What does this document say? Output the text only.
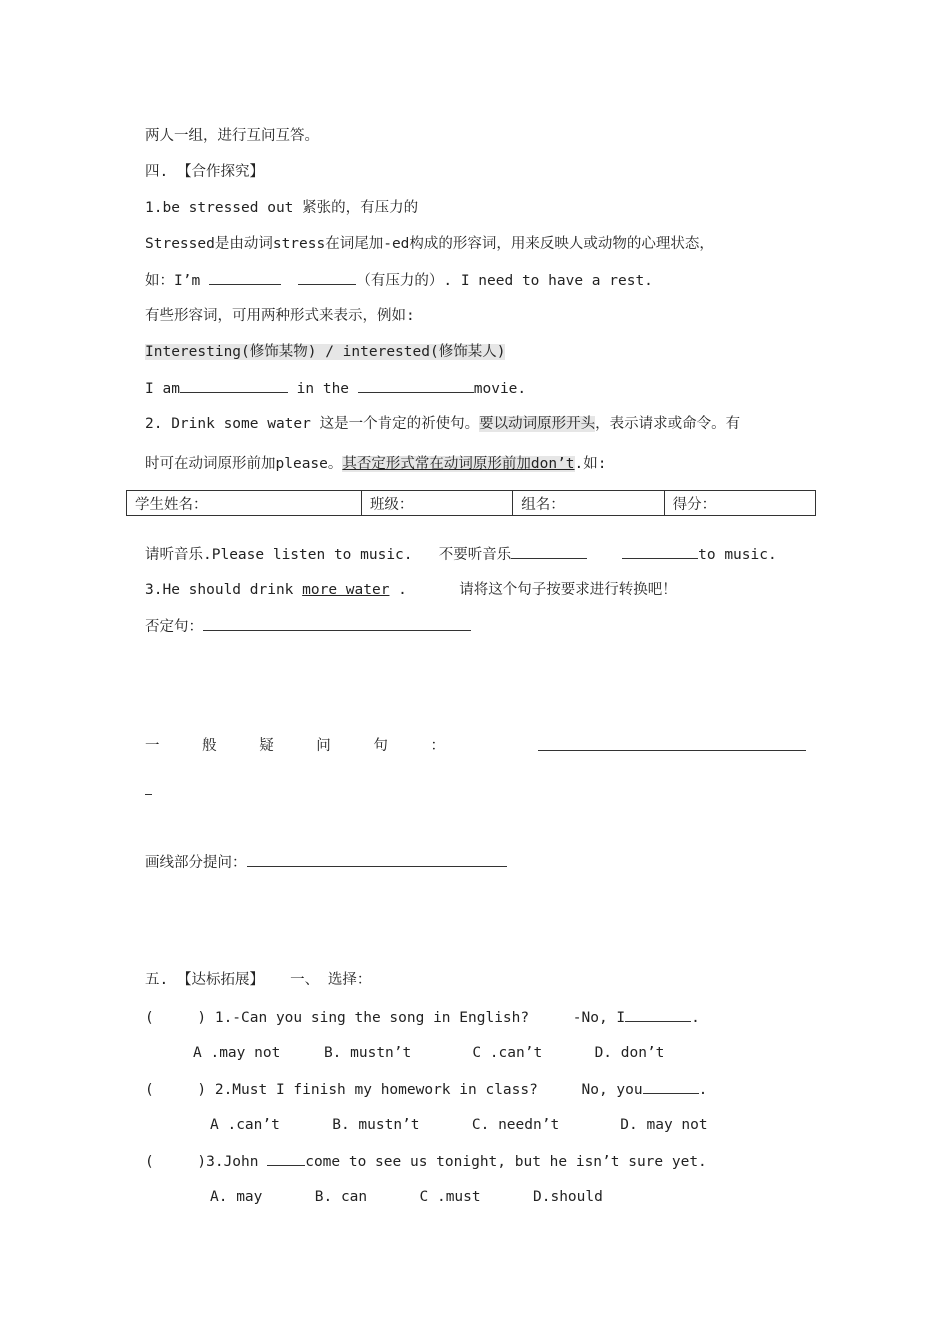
两人一组，进行互问互答。
四. 【合作探究】
1.be stressed out 紧张的，有压力的
Stressed是由动词stress在词尾加-ed构成的形容词，用来反映人或动物的心理状态，
如：I’m	（有压力的）. I need to have a rest.
有些形容词，可用两种形式来表示，例如:
Interesting(修饰某物) / interested(修饰某人)
I am	in the	movie.
2. Drink some water 这是一个肯定的祈使句。要以动词原形开头，表示请求或命令。有
时可在动词原形前加please。其否定形式常在动词原形前加don’t.如:
学生姓名：	班级：	组名：	得分：
请听音乐.Please listen to music.   不要听音乐	to music.
3.He should drink more water .      请将这个句子按要求进行转换吧！
否定句：
一	般	疑	问	句	：
画线部分提问：
五. 【达标拓展】   一、 选择：
(     ) 1.-Can you sing the song in English?     -No, I	.
A .may not     B. mustn’t       C .can’t      D. don’t
(     ) 2.Must I finish my homework in class?     No, you	.
A .can’t      B. mustn’t      C. needn’t       D. may not
(     )3.John	come to see us tonight, but he isn’t sure yet.
A. may      B. can      C .must      D.should
